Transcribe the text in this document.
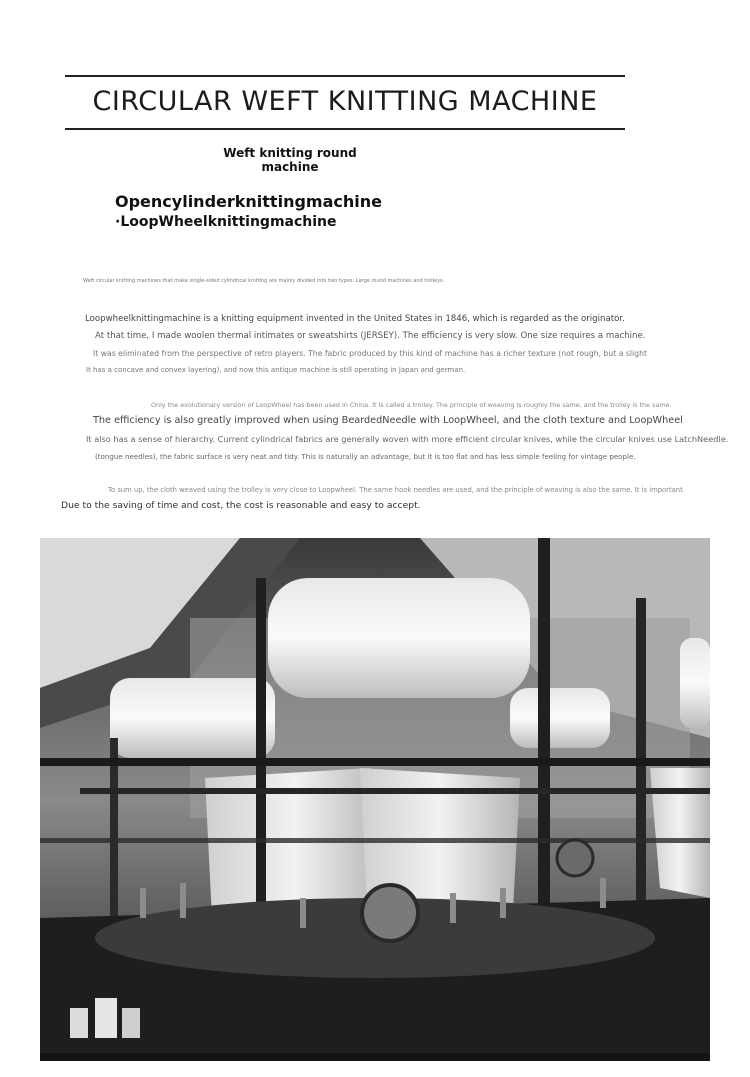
CIRCULAR WEFT KNITTING MACHINE
Weft knitting round machine
Opencylinderknittingmachine
·LoopWheelknittingmachine
Weft circular knitting machines that make single-sided cylindrical knitting are mainly divided into two types: Large round machines and trolleys.
Loopwheelknittingmachine is a knitting equipment invented in the United States in 1846, which is regarded as the originator.
At that time, I made woolen thermal intimates or sweatshirts (JERSEY). The efficiency is very slow. One size requires a machine.
It was eliminated from the perspective of retro players. The fabric produced by this kind of machine has a richer texture (not rough, but a slight
It has a concave and convex layering), and now this antique machine is still operating in Japan and german.
Only the evolutionary version of LoopWheel has been used in China. It is called a trolley. The principle of weaving is roughly the same, and the trolley is the same.
The efficiency is also greatly improved when using BeardedNeedle with LoopWheel, and the cloth texture and LoopWheel
It also has a sense of hierarchy. Current cylindrical fabrics are generally woven with more efficient circular knives, while the circular knives use LatchNeedle.
(tongue needles), the fabric surface is very neat and tidy. This is naturally an advantage, but it is too flat and has less simple feeling for vintage people.
To sum up, the cloth weaved using the trolley is very close to Loopwheel. The same hook needles are used, and the principle of weaving is also the same. It is important.
Due to the saving of time and cost, the cost is reasonable and easy to accept.
